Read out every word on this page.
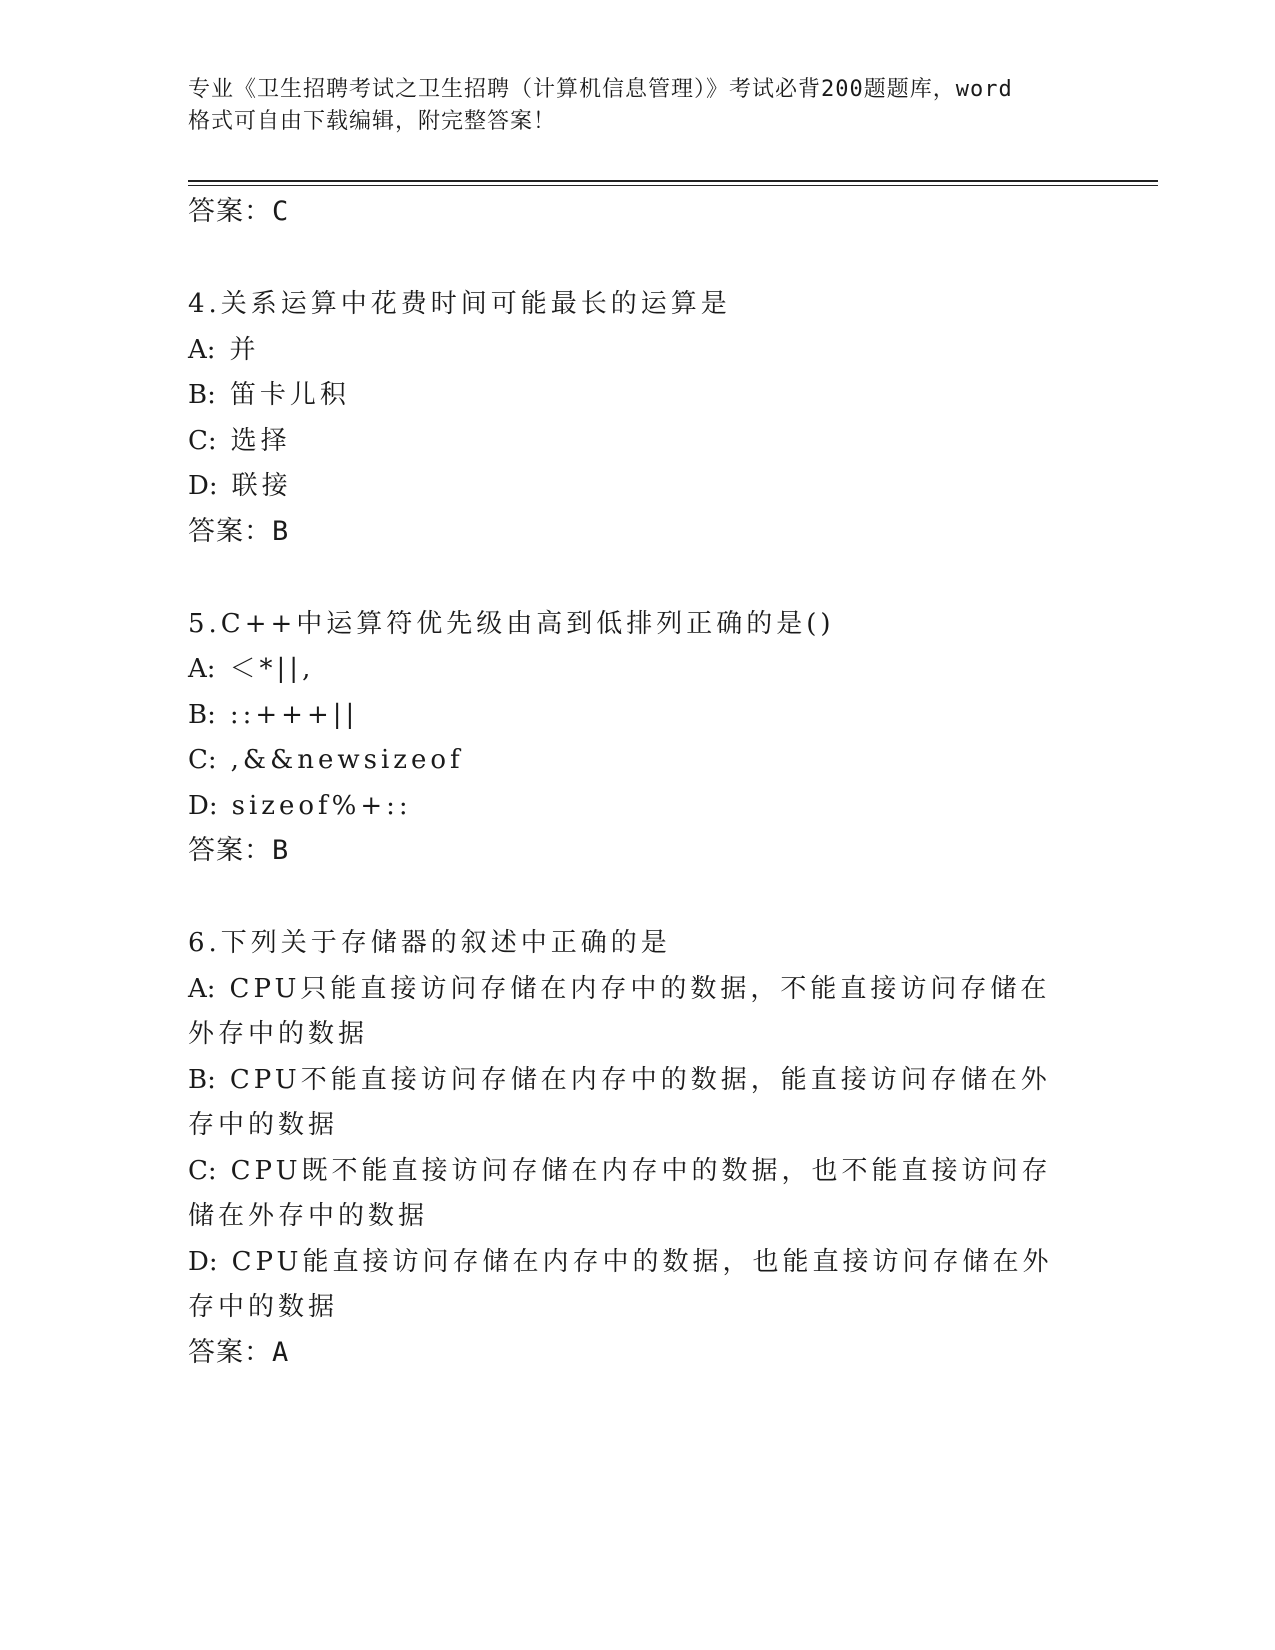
专业《卫生招聘考试之卫生招聘（计算机信息管理）》考试必背200题题库，word
格式可自由下载编辑，附完整答案！

答案：C

4.关系运算中花费时间可能最长的运算是

A: 并

B: 笛卡儿积

C: 选择

D: 联接

答案：B

5.C++中运算符优先级由高到低排列正确的是()

A: ＜*||,

B: ::+++||

C: ,&&newsizeof

D: sizeof%+::

答案：B

6.下列关于存储器的叙述中正确的是

A: CPU只能直接访问存储在内存中的数据，不能直接访问存储在外存中的数据

B: CPU不能直接访问存储在内存中的数据，能直接访问存储在外存中的数据

C: CPU既不能直接访问存储在内存中的数据，也不能直接访问存储在外存中的数据

D: CPU能直接访问存储在内存中的数据，也能直接访问存储在外存中的数据

答案：A
